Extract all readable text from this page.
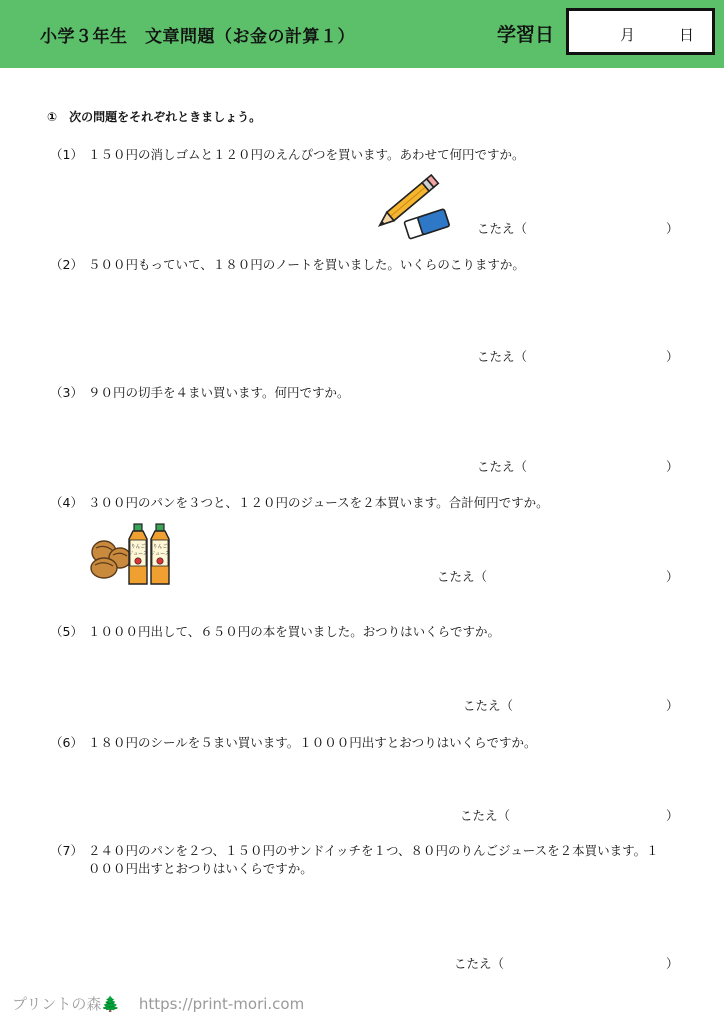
小学３年生　文章問題（お金の計算１）	学習日	月	日
①　次の問題をそれぞれときましょう。
（1） １５０円の消しゴムと１２０円のえんぴつを買います。あわせて何円ですか。
こたえ（	）
（2） ５００円もっていて、１８０円のノートを買いました。いくらのこりますか。
こたえ（	）
（3） ９０円の切手を４まい買います。何円ですか。
こたえ（	）
（4） ３００円のパンを３つと、１２０円のジュースを２本買います。合計何円ですか。
りんご
ジュース
りんご
ジュース
こたえ（	）
（5） １０００円出して、６５０円の本を買いました。おつりはいくらですか。
こたえ（	）
（6） １８０円のシールを５まい買います。１０００円出すとおつりはいくらですか。
こたえ（	）
（7） ２４０円のパンを２つ、１５０円のサンドイッチを１つ、８０円のりんごジュースを２本買います。１０００円出すとおつりはいくらですか。
こたえ（	）
プリントの森🌲 https://print-mori.com
